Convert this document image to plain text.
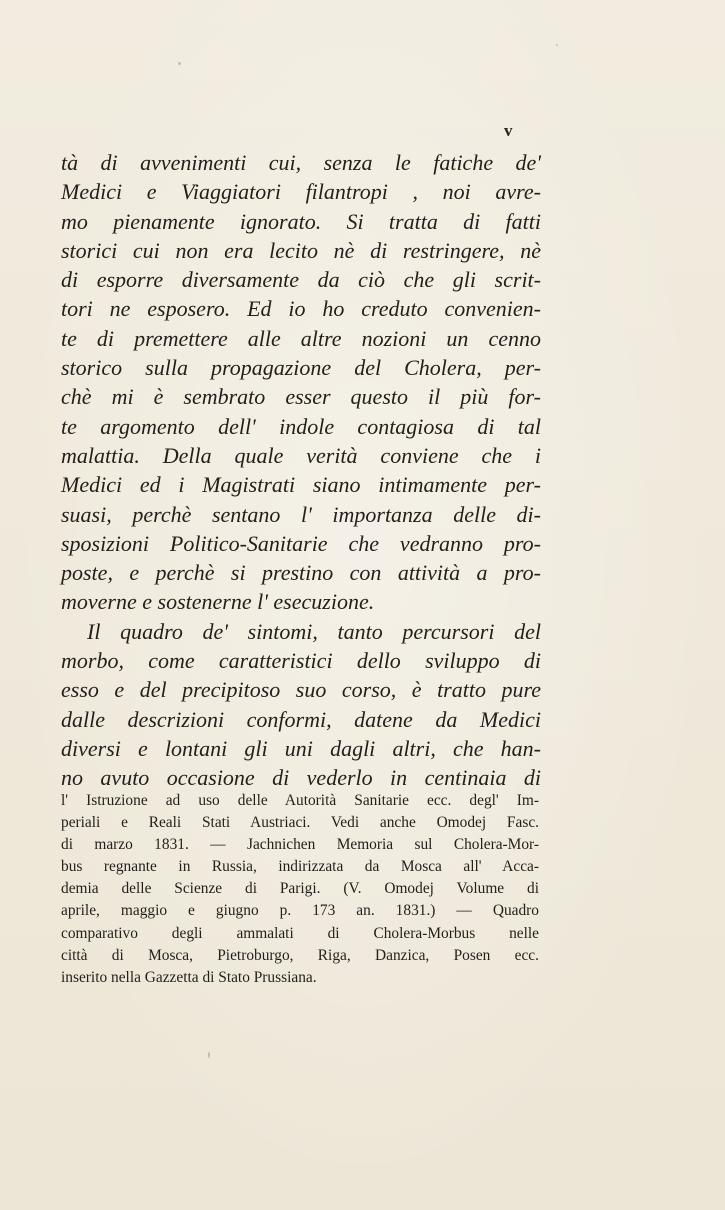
v
tà di avvenimenti cui, senza le fatiche de'
Medici e Viaggiatori filantropi , noi avre-
mo pienamente ignorato. Si tratta di fatti
storici cui non era lecito nè di restringere, nè
di esporre diversamente da ciò che gli scrit-
tori ne esposero. Ed io ho creduto convenien-
te di premettere alle altre nozioni un cenno
storico sulla propagazione del Cholera, per-
chè mi è sembrato esser questo il più for-
te argomento dell' indole contagiosa di tal
malattia. Della quale verità conviene che i
Medici ed i Magistrati siano intimamente per-
suasi, perchè sentano l' importanza delle di-
sposizioni Politico-Sanitarie che vedranno pro-
poste, e perchè si prestino con attività a pro-
moverne e sostenerne l' esecuzione.
Il quadro de' sintomi, tanto percursori del
morbo, come caratteristici dello sviluppo di
esso e del precipitoso suo corso, è tratto pure
dalle descrizioni conformi, datene da Medici
diversi e lontani gli uni dagli altri, che han-
no avuto occasione di vederlo in centinaia di
l' Istruzione ad uso delle Autorità Sanitarie ecc. degl' Im-
periali e Reali Stati Austriaci. Vedi anche Omodej Fasc.
di marzo 1831. — Jachnichen Memoria sul Cholera-Mor-
bus regnante in Russia, indirizzata da Mosca all' Acca-
demia delle Scienze di Parigi. (V. Omodej Volume di
aprile, maggio e giugno p. 173 an. 1831.) — Quadro
comparativo degli ammalati di Cholera-Morbus nelle
città di Mosca, Pietroburgo, Riga, Danzica, Posen ecc.
inserito nella Gazzetta di Stato Prussiana.
